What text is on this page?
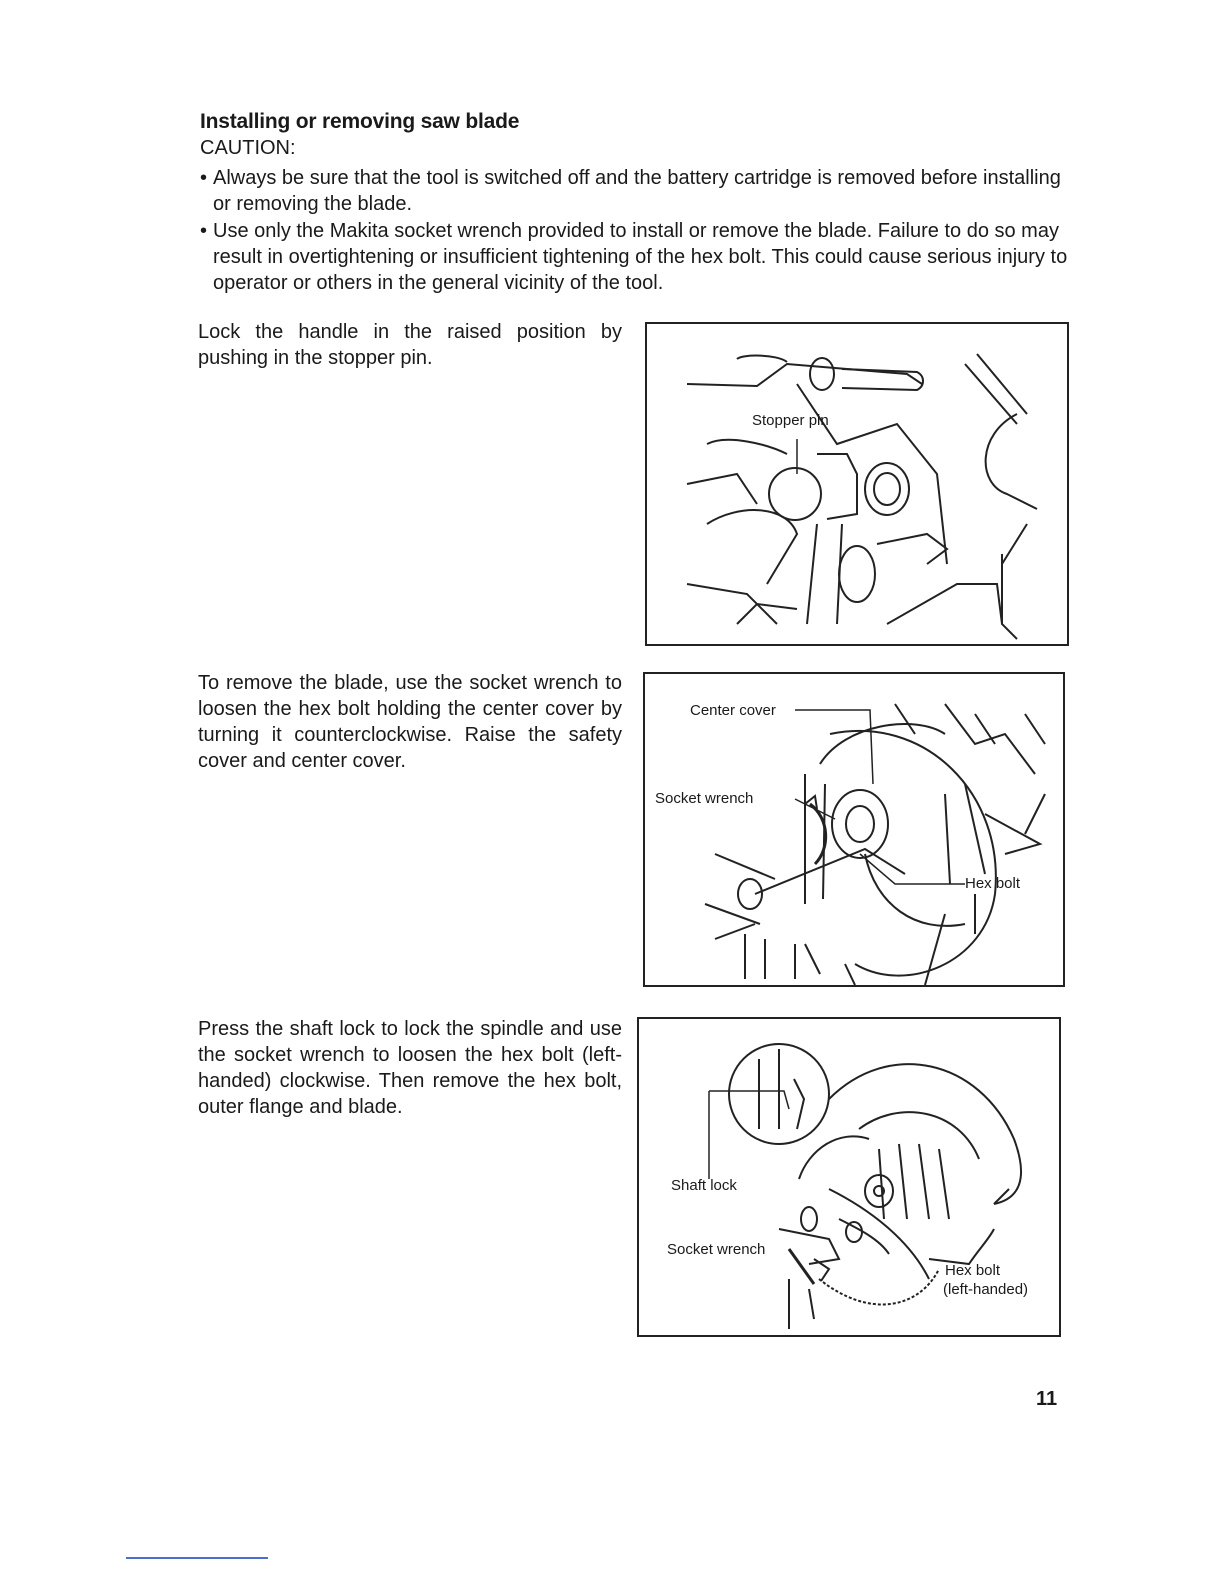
Installing or removing saw blade
CAUTION:
• Always be sure that the tool is switched off and the battery cartridge is removed before installing or removing the blade.
• Use only the Makita socket wrench provided to install or remove the blade. Failure to do so may result in overtightening or insufficient tightening of the hex bolt. This could cause serious injury to operator or others in the general vicinity of the tool.
Lock the handle in the raised position by pushing in the stopper pin.
To remove the blade, use the socket wrench to loosen the hex bolt holding the center cover by turning it counterclockwise. Raise the safety cover and center cover.
Press the shaft lock to lock the spindle and use the socket wrench to loosen the hex bolt (left-handed) clockwise. Then remove the hex bolt, outer flange and blade.
Stopper pin
Center cover
Socket wrench
Hex bolt
Shaft lock
Socket wrench
Hex bolt
(left-handed)
11
